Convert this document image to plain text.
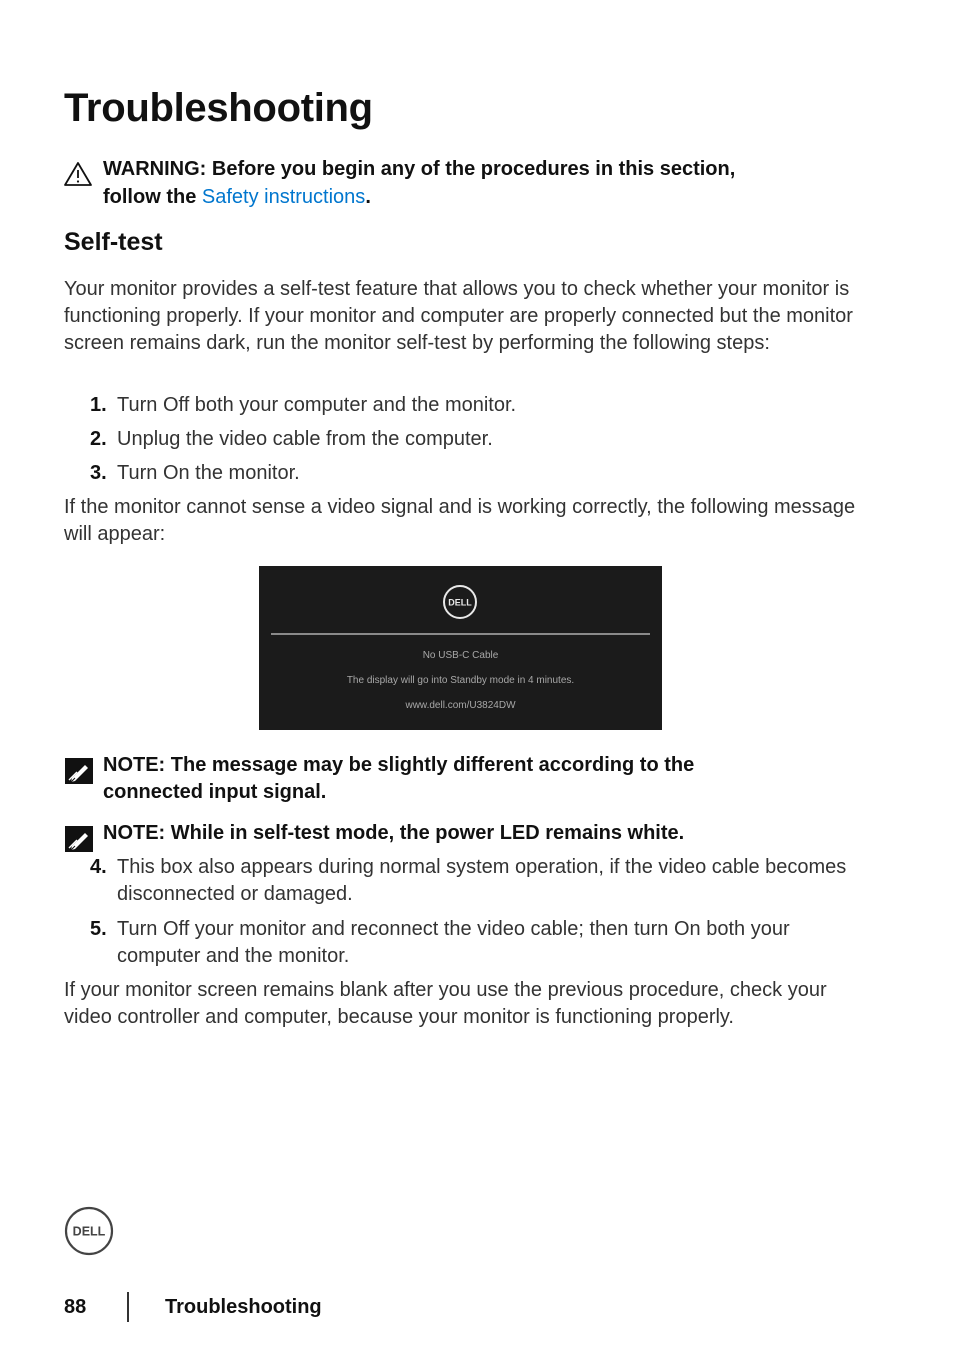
Troubleshooting
WARNING: Before you begin any of the procedures in this section,
follow the Safety instructions.
Self-test
Your monitor provides a self-test feature that allows you to check whether your monitor is functioning properly. If your monitor and computer are properly connected but the monitor screen remains dark, run the monitor self-test by performing the following steps:
1. Turn Off both your computer and the monitor.
2. Unplug the video cable from the computer.
3. Turn On the monitor.
If the monitor cannot sense a video signal and is working correctly, the following message will appear:
DELL
No USB-C Cable
The display will go into Standby mode in 4 minutes.
www.dell.com/U3824DW
NOTE: The message may be slightly different according to the
connected input signal.
NOTE: While in self-test mode, the power LED remains white.
4. This box also appears during normal system operation, if the video cable becomes disconnected or damaged.
5. Turn Off your monitor and reconnect the video cable; then turn On both your computer and the monitor.
If your monitor screen remains blank after you use the previous procedure, check your video controller and computer, because your monitor is functioning properly.
DELL
88	Troubleshooting
